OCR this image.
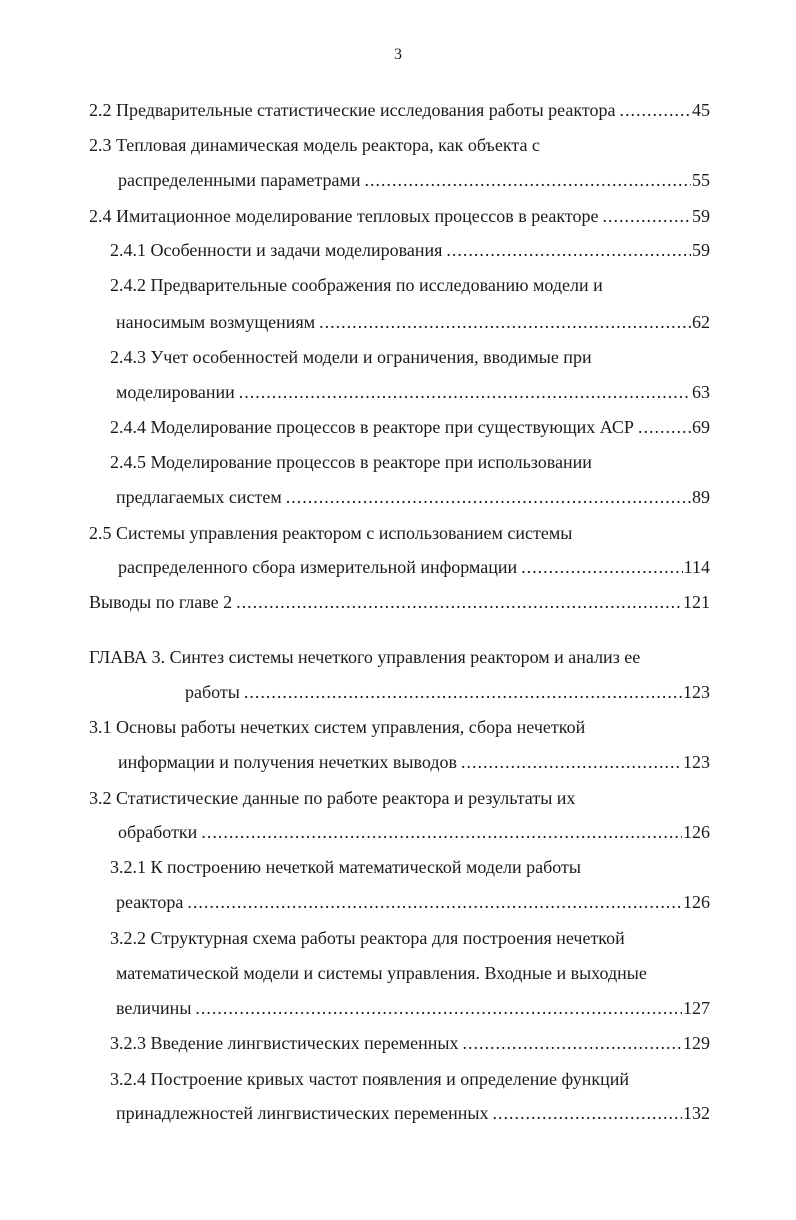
3
2.2 Предварительные статистические исследования работы реактора .....	45
2.3 Тепловая динамическая модель реактора, как объекта с
распределенными параметрами .....	55
2.4 Имитационное моделирование тепловых процессов в реакторе .....	59
2.4.1 Особенности и задачи моделирования .....	59
2.4.2 Предварительные соображения по исследованию модели и
наносимым возмущениям .....	62
2.4.3 Учет особенностей модели и ограничения, вводимые при
моделировании .....	63
2.4.4 Моделирование процессов в реакторе при существующих АСР .....	69
2.4.5 Моделирование процессов в реакторе при использовании
предлагаемых систем .....	89
2.5 Системы управления реактором с использованием системы
распределенного сбора измерительной информации .....	114
Выводы по главе 2 .....	121
ГЛАВА 3. Синтез системы нечеткого управления реактором и анализ ее
работы .....	123
3.1 Основы работы нечетких систем управления, сбора нечеткой
информации и получения нечетких выводов .....	123
3.2 Статистические данные по работе реактора и результаты их
обработки .....	126
3.2.1 К построению нечеткой математической модели работы
реактора .....	126
3.2.2 Структурная схема работы реактора для построения нечеткой
математической модели и системы управления. Входные и выходные
величины .....	127
3.2.3 Введение лингвистических переменных .....	129
3.2.4 Построение кривых частот появления и определение функций
принадлежностей лингвистических переменных .....	132
